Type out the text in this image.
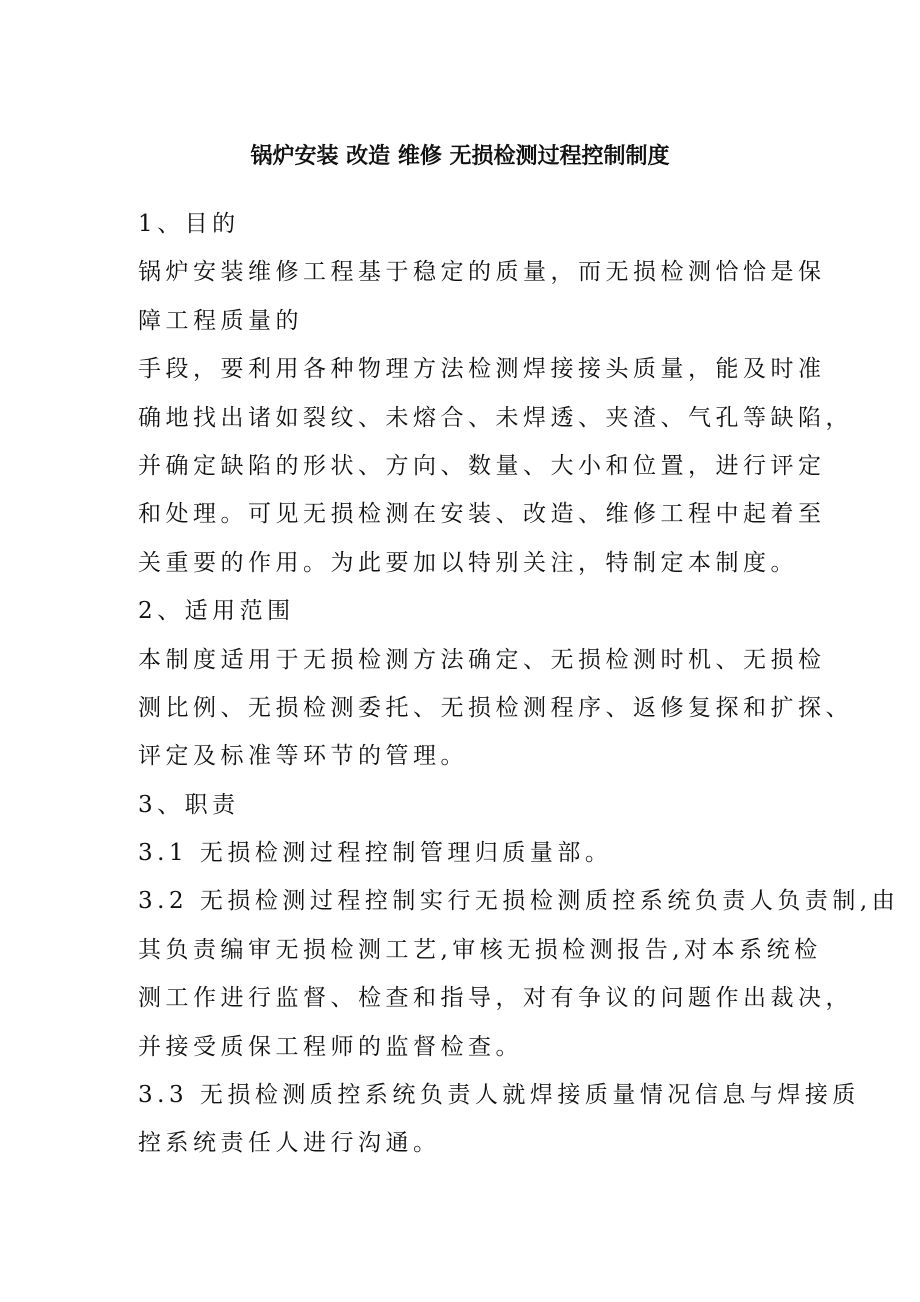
锅炉安装 改造 维修 无损检测过程控制制度
1、目的
锅炉安装维修工程基于稳定的质量，而无损检测恰恰是保
障工程质量的
手段，要利用各种物理方法检测焊接接头质量，能及时准
确地找出诸如裂纹、未熔合、未焊透、夹渣、气孔等缺陷，
并确定缺陷的形状、方向、数量、大小和位置，进行评定
和处理。可见无损检测在安装、改造、维修工程中起着至
关重要的作用。为此要加以特别关注，特制定本制度。
2、适用范围
本制度适用于无损检测方法确定、无损检测时机、无损检
测比例、无损检测委托、无损检测程序、返修复探和扩探、
评定及标准等环节的管理。
3、职责
3.1 无损检测过程控制管理归质量部。
3.2 无损检测过程控制实行无损检测质控系统负责人负责制,由
其负责编审无损检测工艺,审核无损检测报告,对本系统检
测工作进行监督、检查和指导，对有争议的问题作出裁决，
并接受质保工程师的监督检查。
3.3 无损检测质控系统负责人就焊接质量情况信息与焊接质
控系统责任人进行沟通。
